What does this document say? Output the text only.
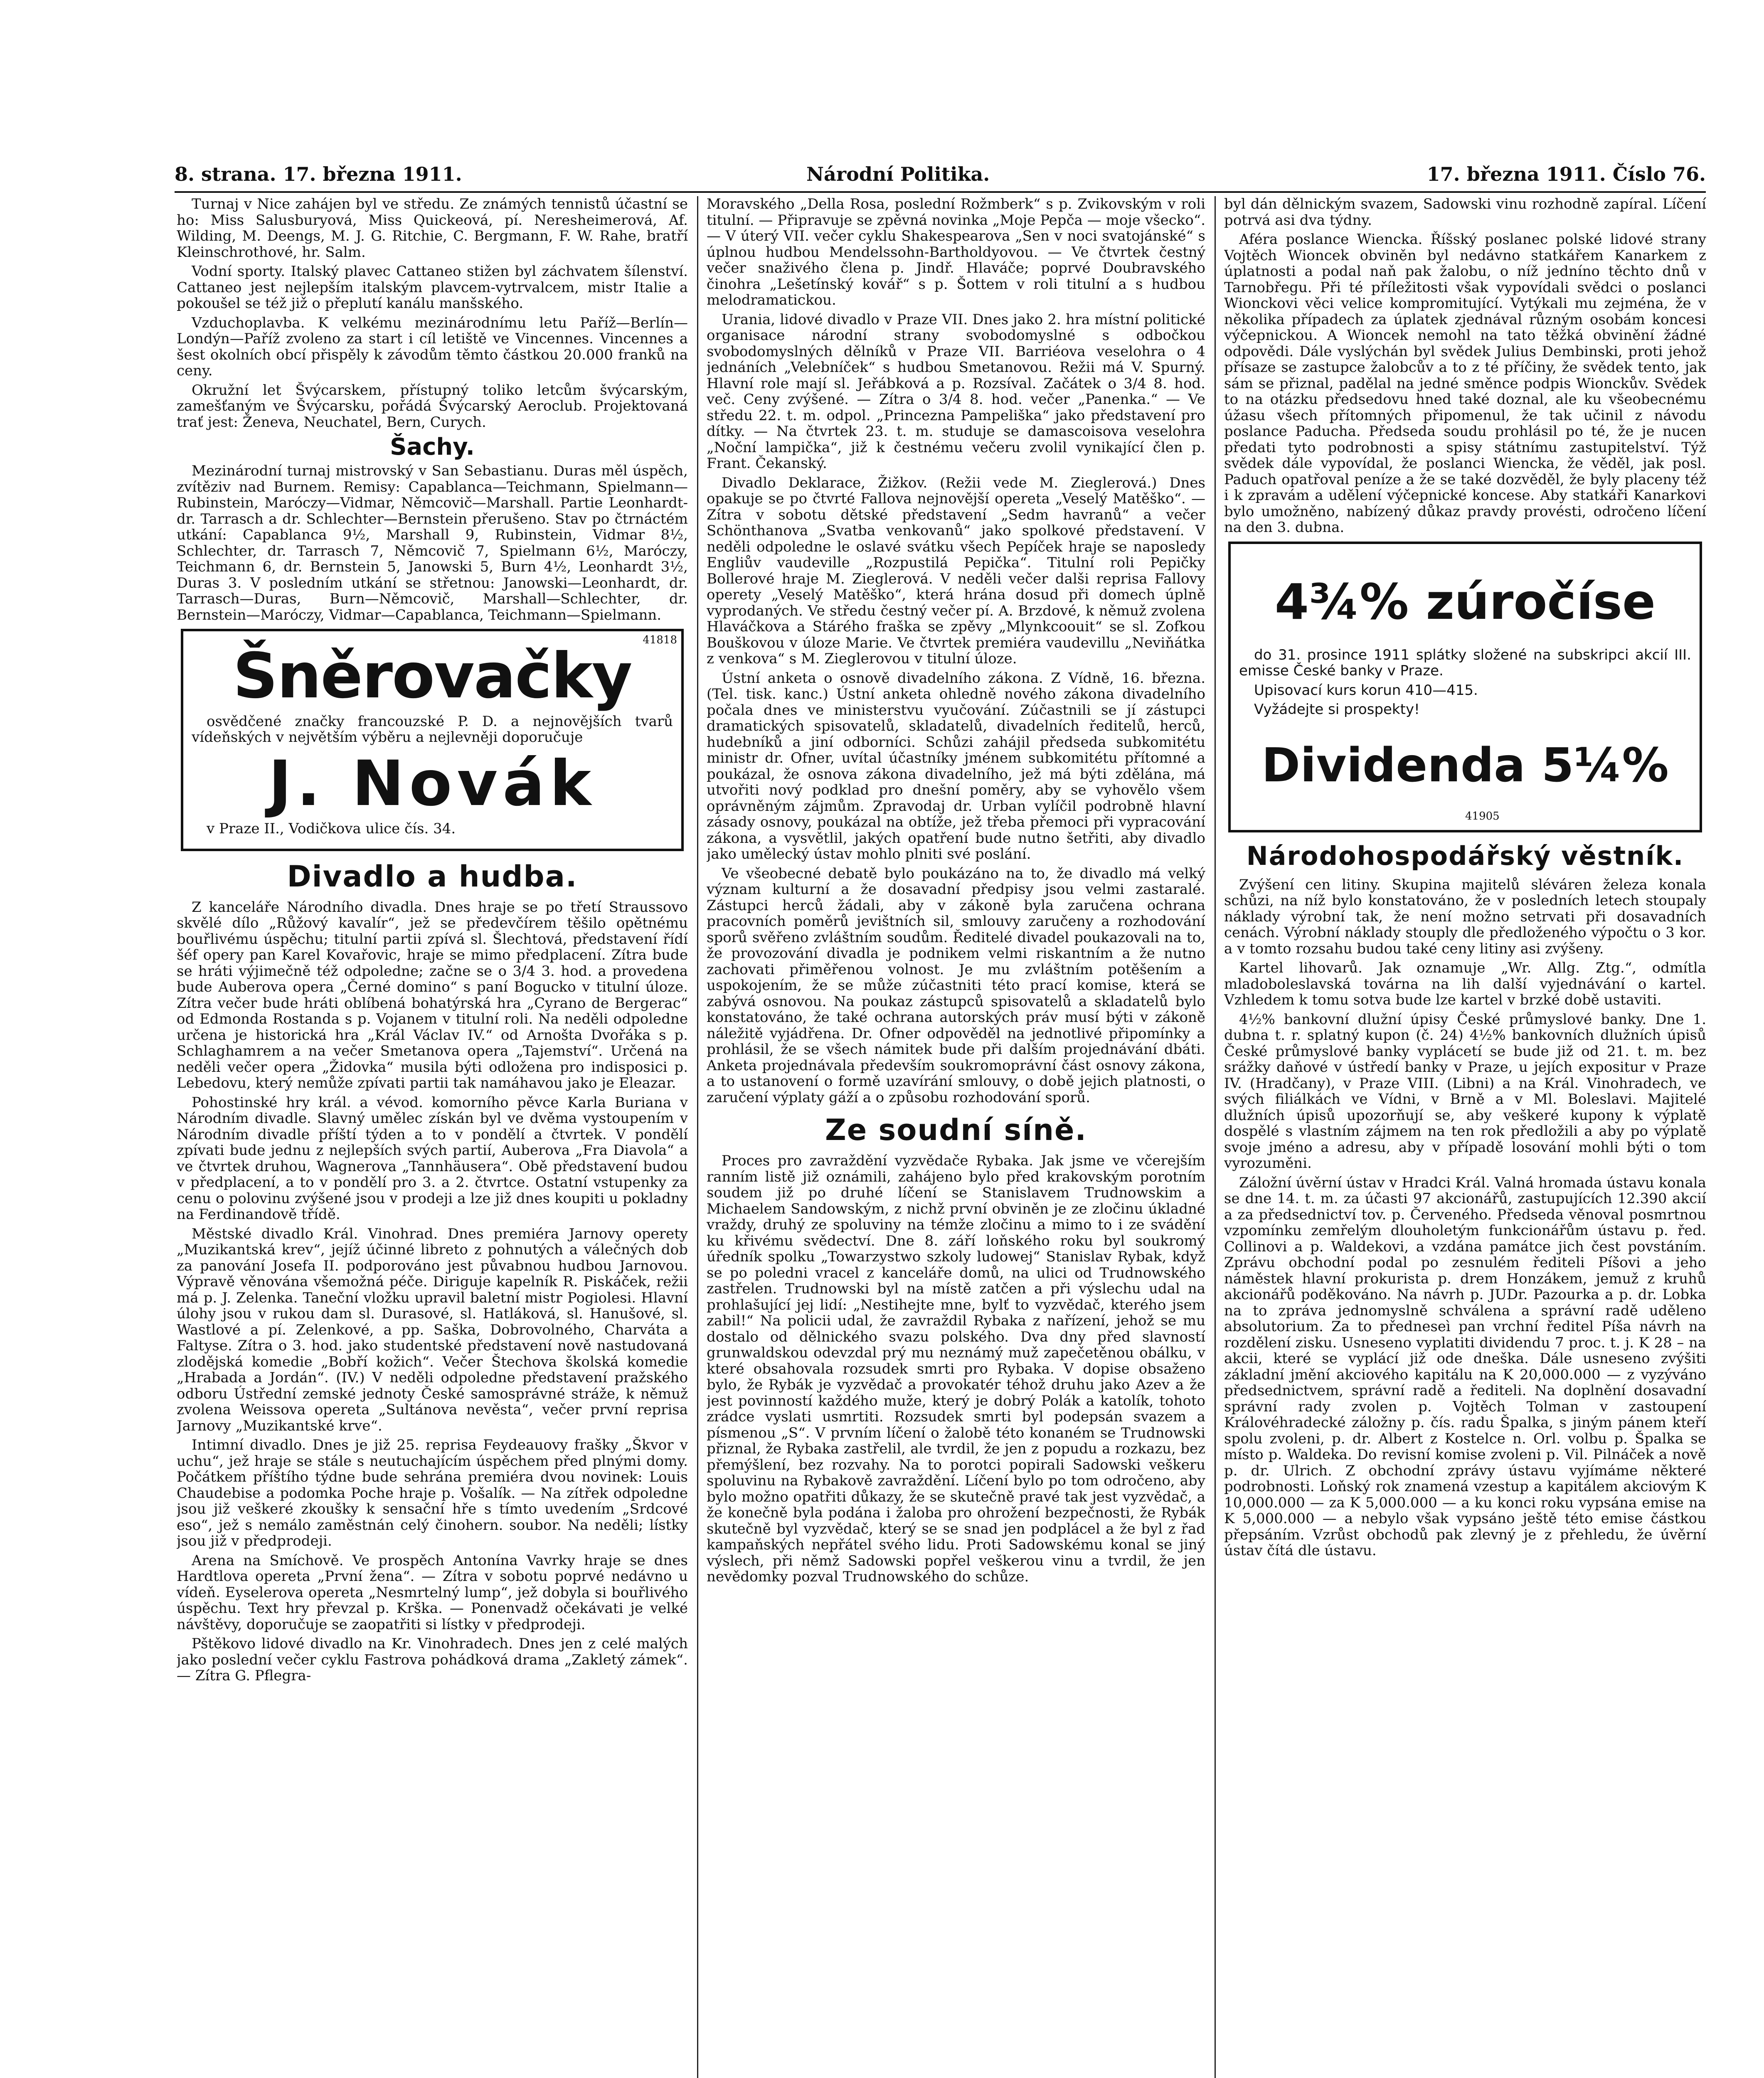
8. strana. 17. března 1911.	Národní Politika.	17. března 1911. Číslo 76.

Turnaj v Nice zahájen byl ve středu. Ze známých tennistů účastní se ho: Miss Salusburyová, Miss Quickeová, pí. Neresheimerová, Af. Wilding, M. Deengs, M. J. G. Ritchie, C. Bergmann, F. W. Rahe, bratří Kleinschrothové, hr. Salm.

Vodní sporty. Italský plavec Cattaneo stižen byl záchvatem šílenství. Cattaneo jest nejlepším italským plavcem-vytrvalcem, mistr Italie a pokoušel se též již o přeplutí kanálu manšského.

Vzduchoplavba. K velkému mezinárodnímu letu Paříž—Berlín—Londýn—Paříž zvoleno za start i cíl letiště ve Vincennes. Vincennes a šest okolních obcí přispěly k závodům těmto částkou 20.000 franků na ceny.

Okružní let Švýcarskem, přístupný toliko letcům švýcarským, zamešťaným ve Švýcarsku, pořádá Švýcarský Aeroclub. Projektovaná trať jest: Ženeva, Neuchatel, Bern, Curych.

Šachy.

Mezinárodní turnaj mistrovský v San Sebastianu. Duras měl úspěch, zvítěziv nad Burnem. Remisy: Capablanca—Teichmann, Spielmann—Rubinstein, Maróczy—Vidmar, Němcovič—Marshall. Partie Leonhardt-dr. Tarrasch a dr. Schlechter—Bernstein přerušeno. Stav po čtrnáctém utkání: Capablanca 9½, Marshall 9, Rubinstein, Vidmar 8½, Schlechter, dr. Tarrasch 7, Němcovič 7, Spielmann 6½, Maróczy, Teichmann 6, dr. Bernstein 5, Janowski 5, Burn 4½, Leonhardt 3½, Duras 3. V posledním utkání se střetnou: Janowski—Leonhardt, dr. Tarrasch—Duras, Burn—Němcovič, Marshall—Schlechter, dr. Bernstein—Maróczy, Vidmar—Capablanca, Teichmann—Spielmann.

41818
Šněrovačky

osvědčené značky francouzské P. D. a nejnovějších tvarů vídeňských v největším výběru a nejlevněji doporučuje

J. Novák

v Praze II., Vodičkova ulice čís. 34.

Divadlo a hudba.

Z kanceláře Národního divadla. Dnes hraje se po třetí Straussovo skvělé dílo „Růžový kavalír“, jež se předevčírem těšilo opětnému bouřlivému úspěchu; titulní partii zpívá sl. Šlechtová, představení řídí šéf opery pan Karel Kovařovic, hraje se mimo předplacení. Zítra bude se hráti výjimečně též odpoledne; začne se o 3/4 3. hod. a provedena bude Auberova opera „Černé domino“ s paní Bogucko v titulní úloze. Zítra večer bude hráti oblíbená bohatýrská hra „Cyrano de Bergerac“ od Edmonda Rostanda s p. Vojanem v titulní roli. Na neděli odpoledne určena je historická hra „Král Václav IV.“ od Arnošta Dvořáka s p. Schlaghamrem a na večer Smetanova opera „Tajemství“. Určená na neděli večer opera „Židovka“ musila býti odložena pro indisposici p. Lebedovu, který nemůže zpívati partii tak namáhavou jako je Eleazar.

Pohostinské hry král. a vévod. komorního pěvce Karla Buriana v Národním divadle. Slavný umělec získán byl ve dvěma vystoupením v Národním divadle příští týden a to v pondělí a čtvrtek. V pondělí zpívati bude jednu z nejlepších svých partií, Auberova „Fra Diavola“ a ve čtvrtek druhou, Wagnerova „Tannhäusera“. Obě představení budou v předplacení, a to v pondělí pro 3. a 2. čtvrtce. Ostatní vstupenky za cenu o polovinu zvýšené jsou v prodeji a lze již dnes koupiti u pokladny na Ferdinandově třídě.

Městské divadlo Král. Vinohrad. Dnes premiéra Jarnovy operety „Muzikantská krev“, jejíž účinné libreto z pohnutých a válečných dob za panování Josefa II. podporováno jest půvabnou hudbou Jarnovou. Výpravě věnována všemožná péče. Diriguje kapelník R. Piskáček, režii má p. J. Zelenka. Taneční vložku upravil baletní mistr Pogiolesi. Hlavní úlohy jsou v rukou dam sl. Durasové, sl. Hatláková, sl. Hanušové, sl. Wastlové a pí. Zelenkové, a pp. Saška, Dobrovolného, Charváta a Faltyse. Zítra o 3. hod. jako studentské představení nově nastudovaná zlodějská komedie „Bobří kožich“. Večer Štechova školská komedie „Hrabada a Jordán“. (IV.) V neděli odpoledne představení pražského odboru Ústřední zemské jednoty České samosprávné stráže, k němuž zvolena Weissova opereta „Sultánova nevěsta“, večer první reprisa Jarnovy „Muzikantské krve“.

Intimní divadlo. Dnes je již 25. reprisa Feydeauovy frašky „Škvor v uchu“, jež hraje se stále s neutuchajícím úspěchem před plnými domy. Počátkem příštího týdne bude sehrána premiéra dvou novinek: Louis Chaudebise a podomka Poche hraje p. Vošalík. — Na zítřek odpoledne jsou již veškeré zkoušky k sensační hře s tímto uvedením „Srdcové eso“, jež s nemálo zaměstnán celý činohern. soubor. Na neděli; lístky jsou již v předprodeji.

Arena na Smíchově. Ve prospěch Antonína Vavrky hraje se dnes Hardtlova opereta „První žena“. — Zítra v sobotu poprvé nedávno u vídeň. Eyselerova opereta „Nesmrtelný lump“, jež dobyla si bouřlivého úspěchu. Text hry převzal p. Krška. — Ponenvadž očekávati je velké návštěvy, doporučuje se zaopatřiti si lístky v předprodeji.

Pštěkovo lidové divadlo na Kr. Vinohradech. Dnes jen z celé malých jako poslední večer cyklu Fastrova pohádková drama „Zakletý zámek“. — Zítra G. Pflegra-

Moravského „Della Rosa, poslední Rožmberk“ s p. Zvikovským v roli titulní. — Připravuje se zpěvná novinka „Moje Pepča — moje všecko“. — V úterý VII. večer cyklu Shakespearova „Sen v noci svatojánské“ s úplnou hudbou Mendelssohn-Bartholdyovou. — Ve čtvrtek čestný večer snaživého člena p. Jindř. Hlaváče; poprvé Doubravského činohra „Lešetínský kovář“ s p. Šottem v roli titulní a s hudbou melodramatickou.

Urania, lidové divadlo v Praze VII. Dnes jako 2. hra místní politické organisace národní strany svobodomyslné s odbočkou svobodomyslných dělníků v Praze VII. Barriéova veselohra o 4 jednáních „Velebníček“ s hudbou Smetanovou. Režii má V. Spurný. Hlavní role mají sl. Jeřábková a p. Rozsíval. Začátek o 3/4 8. hod. več. Ceny zvýšené. — Zítra o 3/4 8. hod. večer „Panenka.“ — Ve středu 22. t. m. odpol. „Princezna Pampeliška“ jako představení pro dítky. — Na čtvrtek 23. t. m. studuje se damascoisova veselohra „Noční lampička“, již k čestnému večeru zvolil vynikající člen p. Frant. Čekanský.

Divadlo Deklarace, Žižkov. (Režii vede M. Zieglerová.) Dnes opakuje se po čtvrté Fallova nejnovější opereta „Veselý Matěško“. — Zítra v sobotu dětské představení „Sedm havranů“ a večer Schönthanova „Svatba venkovanů“ jako spolkové představení. V neděli odpoledne le oslavé svátku všech Pepíček hraje se naposledy Engliův vaudeville „Rozpustilá Pepička“. Titulní roli Pepičky Bollerové hraje M. Zieglerová. V neděli večer dalši reprisa Fallovy operety „Veselý Matěško“, která hrána dosud při domech úplně vyprodaných. Ve středu čestný večer pí. A. Brzdové, k němuž zvolena Hlaváčkova a Stárého fraška se zpěvy „Mlynkcoouit“ se sl. Zofkou Bouškovou v úloze Marie. Ve čtvrtek premiéra vaudevillu „Neviňátka z venkova“ s M. Zieglerovou v titulní úloze.

Ústní anketa o osnově divadelního zákona. Z Vídně, 16. března. (Tel. tisk. kanc.) Ústní anketa ohledně nového zákona divadelního počala dnes ve ministerstvu vyučování. Zúčastnili se jí zástupci dramatických spisovatelů, skladatelů, divadelních ředitelů, herců, hudebníků a jiní odborníci. Schůzi zahájil předseda subkomitétu ministr dr. Ofner, uvítal účastníky jménem subkomitétu přítomné a poukázal, že osnova zákona divadelního, jež má býti zdělána, má utvořiti nový podklad pro dnešní poměry, aby se vyhovělo všem oprávněným zájmům. Zpravodaj dr. Urban vylíčil podrobně hlavní zásady osnovy, poukázal na obtíže, jež třeba přemoci při vypracování zákona, a vysvětlil, jakých opatření bude nutno šetřiti, aby divadlo jako umělecký ústav mohlo plniti své poslání.

Ve všeobecné debatě bylo poukázáno na to, že divadlo má velký význam kulturní a že dosavadní předpisy jsou velmi zastaralé. Zástupci herců žádali, aby v zákoně byla zaručena ochrana pracovních poměrů jevištních sil, smlouvy zaručeny a rozhodování sporů svěřeno zvláštním soudům. Ředitelé divadel poukazovali na to, že provozování divadla je podnikem velmi riskantním a že nutno zachovati přiměřenou volnost. Je mu zvláštním potěšením a uspokojením, že se může zúčastniti této prací komise, která se zabývá osnovou. Na poukaz zástupců spisovatelů a skladatelů bylo konstatováno, že také ochrana autorských práv musí býti v zákoně náležitě vyjádřena. Dr. Ofner odpověděl na jednotlivé připomínky a prohlásil, že se všech námitek bude při dalším projednávání dbáti. Anketa projednávala především soukromoprávní část osnovy zákona, a to ustanovení o formě uzavírání smlouvy, o době jejich platnosti, o zaručení výplaty gáží a o způsobu rozhodování sporů.

Ze soudní síně.

Proces pro zavraždění vyzvědače Rybaka. Jak jsme ve včerejším ranním listě již oznámili, zahájeno bylo před krakovským porotním soudem již po druhé líčení se Stanislavem Trudnowskim a Michaelem Sandowským, z nichž první obviněn je ze zločinu úkladné vraždy, druhý ze spoluviny na témže zločinu a mimo to i ze svádění ku křivému svědectví. Dne 8. září loňského roku byl soukromý úředník spolku „Towarzystwo szkoly ludowej“ Stanislav Rybak, když se po poledni vracel z kanceláře domů, na ulici od Trudnowského zastřelen. Trudnowski byl na místě zatčen a při výslechu udal na prohlašující jej lidí: „Nestihejte mne, bylť to vyzvědač, kterého jsem zabil!“ Na policii udal, že zavraždil Rybaka z nařízení, jehož se mu dostalo od dělnického svazu polského. Dva dny před slavností grunwaldskou odevzdal prý mu neznámý muž zapečetěnou obálku, v které obsahovala rozsudek smrti pro Rybaka. V dopise obsaženo bylo, že Rybák je vyzvědač a provokatér téhož druhu jako Azev a že jest povinností každého muže, který je dobrý Polák a katolík, tohoto zrádce vyslati usmrtiti. Rozsudek smrti byl podepsán svazem a písmenou „S“. V prvním líčení o žalobě této konaném se Trudnowski přiznal, že Rybaka zastřelil, ale tvrdil, že jen z popudu a rozkazu, bez přemýšlení, bez rozvahy. Na to porotci popirali Sadowski veškeru spoluvinu na Rybakově zavraždění. Líčení bylo po tom odročeno, aby bylo možno opatřiti důkazy, že se skutečně pravé tak jest vyzvědač, a že konečně byla podána i žaloba pro ohrožení bezpečnosti, že Rybák skutečně byl vyzvědač, který se se snad jen podplácel a že byl z řad kampaňských nepřátel svého lidu. Proti Sadowskému konal se jiný výslech, při němž Sadowski popřel veškerou vinu a tvrdil, že jen nevědomky pozval Trudnowského do schůze.

byl dán dělnickým svazem, Sadowski vinu rozhodně zapíral. Líčení potrvá asi dva týdny.

Aféra poslance Wiencka. Říšský poslanec polské lidové strany Vojtěch Wioncek obviněn byl nedávno statkářem Kanarkem z úplatnosti a podal naň pak žalobu, o níž jedníno těchto dnů v Tarnobřegu. Při té příležitosti však vypovídali svědci o poslanci Wionckovi věci velice kompromitující. Vytýkali mu zejména, že v několika případech za úplatek zjednával různým osobám koncesi výčepnickou. A Wioncek nemohl na tato těžká obvinění žádné odpovědi. Dále vyslýchán byl svědek Julius Dembinski, proti jehož přísaze se zastupce žalobcův a to z té příčiny, že svědek tento, jak sám se přiznal, padělal na jedné směnce podpis Wionckův. Svědek to na otázku předsedovu hned také doznal, ale ku všeobecnému úžasu všech přítomných připomenul, že tak učinil z návodu poslance Paducha. Předseda soudu prohlásil po té, že je nucen předati tyto podrobnosti a spisy státnímu zastupitelství. Týž svědek dále vypovídal, že poslanci Wiencka, že věděl, jak posl. Paduch opatřoval peníze a že se také dozvěděl, že byly placeny též i k zpravám a udělení výčepnické koncese. Aby statkáři Kanarkovi bylo umožněno, nabízený důkaz pravdy provésti, odročeno líčení na den 3. dubna.

4¾% zúročíse

do 31. prosince 1911 splátky složené na subskripci akcií III. emisse České banky v Praze.

Upisovací kurs korun 410—415.

Vyžádejte si prospekty!

Dividenda 5¼%
41905
Národohospodářský věstník.

Zvýšení cen litiny. Skupina majitelů sléváren železa konala schůzi, na níž bylo konstatováno, že v posledních letech stoupaly náklady výrobní tak, že není možno setrvati při dosavadních cenách. Výrobní náklady stouply dle předloženého výpočtu o 3 kor. a v tomto rozsahu budou také ceny litiny asi zvýšeny.

Kartel lihovarů. Jak oznamuje „Wr. Allg. Ztg.“, odmítla mladoboleslavská továrna na lih další vyjednávání o kartel. Vzhledem k tomu sotva bude lze kartel v brzké době ustaviti.

4½% bankovní dlužní úpisy České průmyslové banky. Dne 1. dubna t. r. splatný kupon (č. 24) 4½% bankovních dlužních úpisů České průmyslové banky vyplácetí se bude již od 21. t. m. bez srážky daňové v ústředí banky v Praze, u jejích expositur v Praze IV. (Hradčany), v Praze VIII. (Libni) a na Král. Vinohradech, ve svých filiálkách ve Vídni, v Brně a v Ml. Boleslavi. Majitelé dlužních úpisů upozorňují se, aby veškeré kupony k výplatě dospělé s vlastním zájmem na ten rok předložili a aby po výplatě svoje jméno a adresu, aby v případě losování mohli býti o tom vyrozuměni.

Záložní úvěrní ústav v Hradci Král. Valná hromada ústavu konala se dne 14. t. m. za účasti 97 akcionářů, zastupujících 12.390 akcií a za předsednictví tov. p. Červeného. Předseda věnoval posmrtnou vzpomínku zemřelým dlouholetým funkcionářům ústavu p. řed. Collinovi a p. Waldekovi, a vzdána památce jich čest povstáním. Zprávu obchodní podal po zesnulém řediteli Píšovi a jeho náměstek hlavní prokurista p. drem Honzákem, jemuž z kruhů akcionářů poděkováno. Na návrh p. JUDr. Pazourka a p. dr. Lobka na to zpráva jednomyslně schválena a správní radě uděleno absolutorium. Za to předneseì pan vrchní ředitel Píša návrh na rozdělení zisku. Usneseno vyplatiti dividendu 7 proc. t. j. K 28 – na akcii, které se vyplácí již ode dneška. Dále usneseno zvýšiti základní jmění akciového kapitálu na K 20,000.000 — z vyzýváno předsednictvem, správní radě a řediteli. Na doplnění dosavadní správní rady zvolen p. Vojtěch Tolman v zastoupení Královéhradecké záložny p. čís. radu Špalka, s jiným pánem kteří spolu zvoleni, p. dr. Albert z Kostelce n. Orl. volbu p. Špalka se místo p. Waldeka. Do revisní komise zvoleni p. Vil. Pilnáček a nově p. dr. Ulrich. Z obchodní zprávy ústavu vyjímáme některé podrobnosti. Loňský rok znamená vzestup a kapitálem akciovým K 10,000.000 — za K 5,000.000 — a ku konci roku vypsána emise na K 5,000.000 — a nebylo však vypsáno ještě této emise částkou přepsáním. Vzrůst obchodů pak zlevný je z přehledu, že úvěrní ústav čítá dle ústavu.
